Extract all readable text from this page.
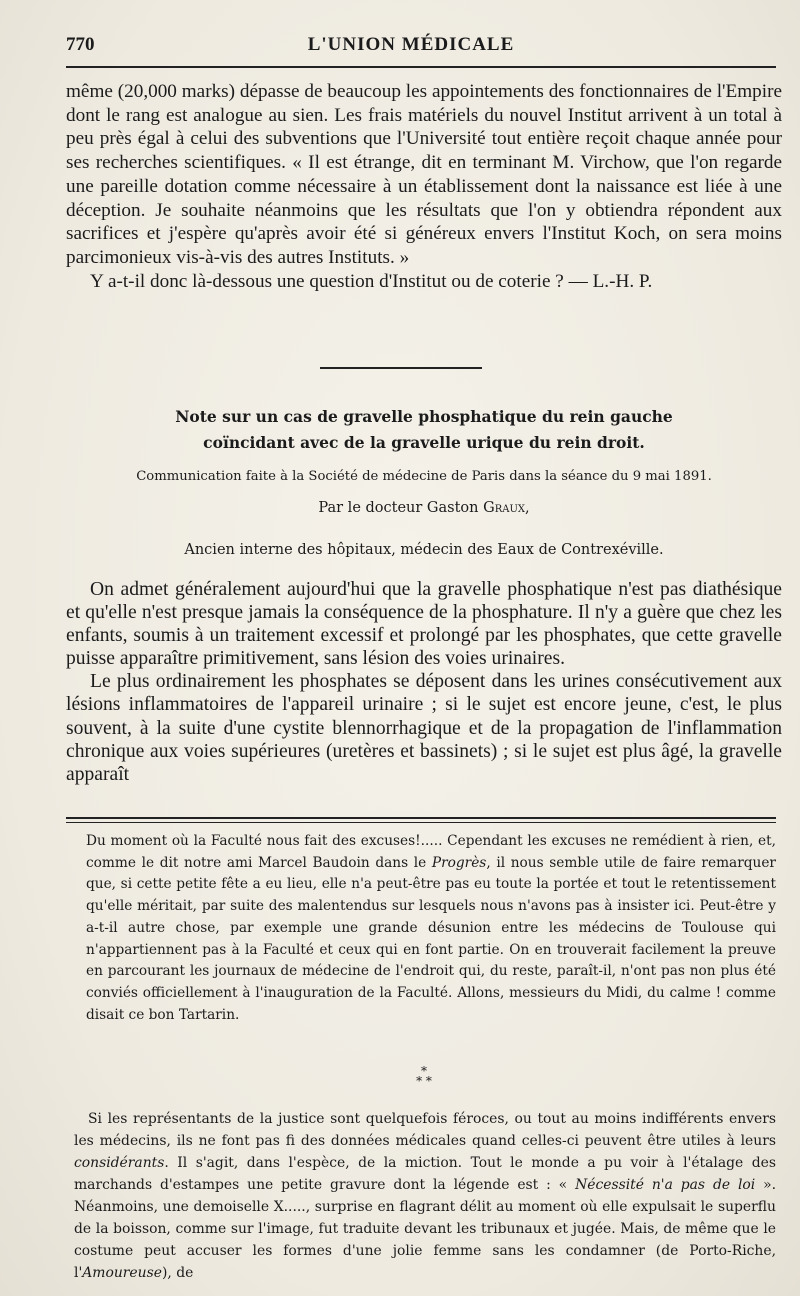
770	L'UNION MÉDICALE

même (20,000 marks) dépasse de beaucoup les appointements des fonctionnaires de l'Empire dont le rang est analogue au sien. Les frais matériels du nouvel Institut arrivent à un total à peu près égal à celui des subventions que l'Université tout entière reçoit chaque année pour ses recherches scientifiques. « Il est étrange, dit en terminant M. Virchow, que l'on regarde une pareille dotation comme nécessaire à un établissement dont la naissance est liée à une déception. Je souhaite néanmoins que les résultats que l'on y obtiendra répondent aux sacrifices et j'espère qu'après avoir été si généreux envers l'Institut Koch, on sera moins parcimonieux vis-à-vis des autres Instituts. »

Y a-t-il donc là-dessous une question d'Institut ou de coterie ? — L.-H. P.

Note sur un cas de gravelle phosphatique du rein gauche
coïncidant avec de la gravelle urique du rein droit.
Communication faite à la Société de médecine de Paris dans la séance du 9 mai 1891.
Par le docteur Gaston Graux,
Ancien interne des hôpitaux, médecin des Eaux de Contrexéville.

On admet généralement aujourd'hui que la gravelle phosphatique n'est pas diathésique et qu'elle n'est presque jamais la conséquence de la phosphature. Il n'y a guère que chez les enfants, soumis à un traitement excessif et prolongé par les phosphates, que cette gravelle puisse apparaître primitivement, sans lésion des voies urinaires.

Le plus ordinairement les phosphates se déposent dans les urines consécutivement aux lésions inflammatoires de l'appareil urinaire ; si le sujet est encore jeune, c'est, le plus souvent, à la suite d'une cystite blennorrhagique et de la propagation de l'inflammation chronique aux voies supérieures (uretères et bassinets) ; si le sujet est plus âgé, la gravelle apparaît

Du moment où la Faculté nous fait des excuses!..... Cependant les excuses ne remédient à rien, et, comme le dit notre ami Marcel Baudoin dans le Progrès, il nous semble utile de faire remarquer que, si cette petite fête a eu lieu, elle n'a peut-être pas eu toute la portée et tout le retentissement qu'elle méritait, par suite des malentendus sur lesquels nous n'avons pas à insister ici. Peut-être y a-t-il autre chose, par exemple une grande désunion entre les médecins de Toulouse qui n'appartiennent pas à la Faculté et ceux qui en font partie. On en trouverait facilement la preuve en parcourant les journaux de médecine de l'endroit qui, du reste, paraît-il, n'ont pas non plus été conviés officiellement à l'inauguration de la Faculté. Allons, messieurs du Midi, du calme ! comme disait ce bon Tartarin.

*
* *

Si les représentants de la justice sont quelquefois féroces, ou tout au moins indifférents envers les médecins, ils ne font pas fi des données médicales quand celles-ci peuvent être utiles à leurs considérants. Il s'agit, dans l'espèce, de la miction. Tout le monde a pu voir à l'étalage des marchands d'estampes une petite gravure dont la légende est : « Nécessité n'a pas de loi ». Néanmoins, une demoiselle X....., surprise en flagrant délit au moment où elle expulsait le superflu de la boisson, comme sur l'image, fut traduite devant les tribunaux et jugée. Mais, de même que le costume peut accuser les formes d'une jolie femme sans les condamner (de Porto-Riche, l'Amoureuse), de
